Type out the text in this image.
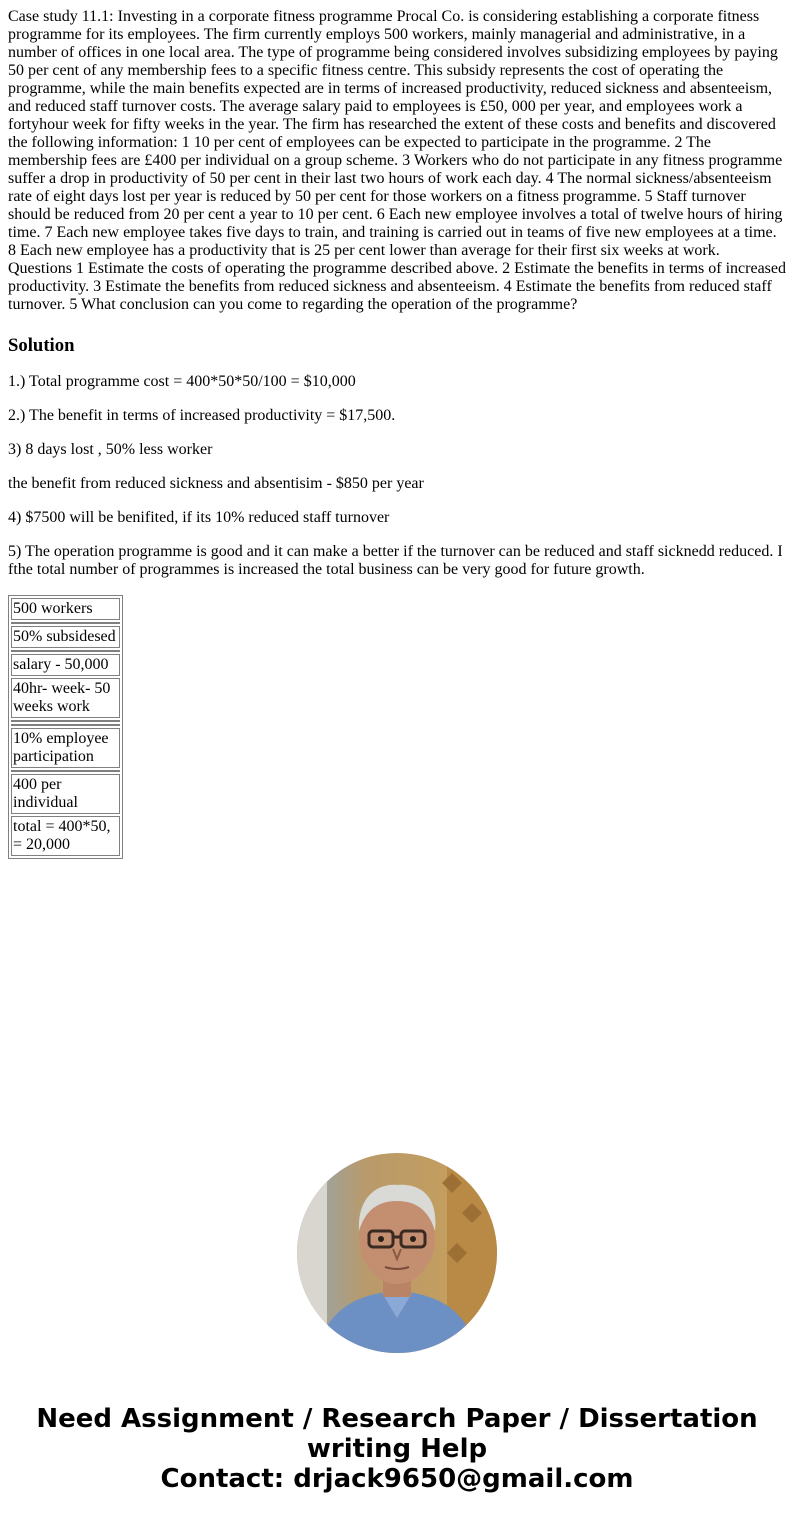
Case study 11.1: Investing in a corporate fitness programme Procal Co. is considering establishing a corporate fitness programme for its employees. The firm currently employs 500 workers, mainly managerial and administrative, in a number of offices in one local area. The type of programme being considered involves subsidizing employees by paying 50 per cent of any membership fees to a specific fitness centre. This subsidy represents the cost of operating the programme, while the main benefits expected are in terms of increased productivity, reduced sickness and absenteeism, and reduced staff turnover costs. The average salary paid to employees is £50, 000 per year, and employees work a fortyhour week for fifty weeks in the year. The firm has researched the extent of these costs and benefits and discovered the following information: 1 10 per cent of employees can be expected to participate in the programme. 2 The membership fees are £400 per individual on a group scheme. 3 Workers who do not participate in any fitness programme suffer a drop in productivity of 50 per cent in their last two hours of work each day. 4 The normal sickness/absenteeism rate of eight days lost per year is reduced by 50 per cent for those workers on a fitness programme. 5 Staff turnover should be reduced from 20 per cent a year to 10 per cent. 6 Each new employee involves a total of twelve hours of hiring time. 7 Each new employee takes five days to train, and training is carried out in teams of five new employees at a time. 8 Each new employee has a productivity that is 25 per cent lower than average for their first six weeks at work. Questions 1 Estimate the costs of operating the programme described above. 2 Estimate the benefits in terms of increased productivity. 3 Estimate the benefits from reduced sickness and absenteeism. 4 Estimate the benefits from reduced staff turnover. 5 What conclusion can you come to regarding the operation of the programme?

Solution

1.) Total programme cost = 400*50*50/100 = $10,000

2.) The benefit in terms of increased productivity = $17,500.

3) 8 days lost , 50% less worker

the benefit from reduced sickness and absentisim - $850 per year

4) $7500 will be benifited, if its 10% reduced staff turnover

5) The operation programme is good and it can make a better if the turnover can be reduced and staff sicknedd reduced. I fthe total number of programmes is increased the total business can be very good for future growth.

500 workers

50% subsidesed

salary - 50,000
40hr- week- 50 weeks work

10% employee participation

400 per individual
total = 400*50, = 20,000
Need Assignment / Research Paper / Dissertation
writing Help
Contact: drjack9650@gmail.com
